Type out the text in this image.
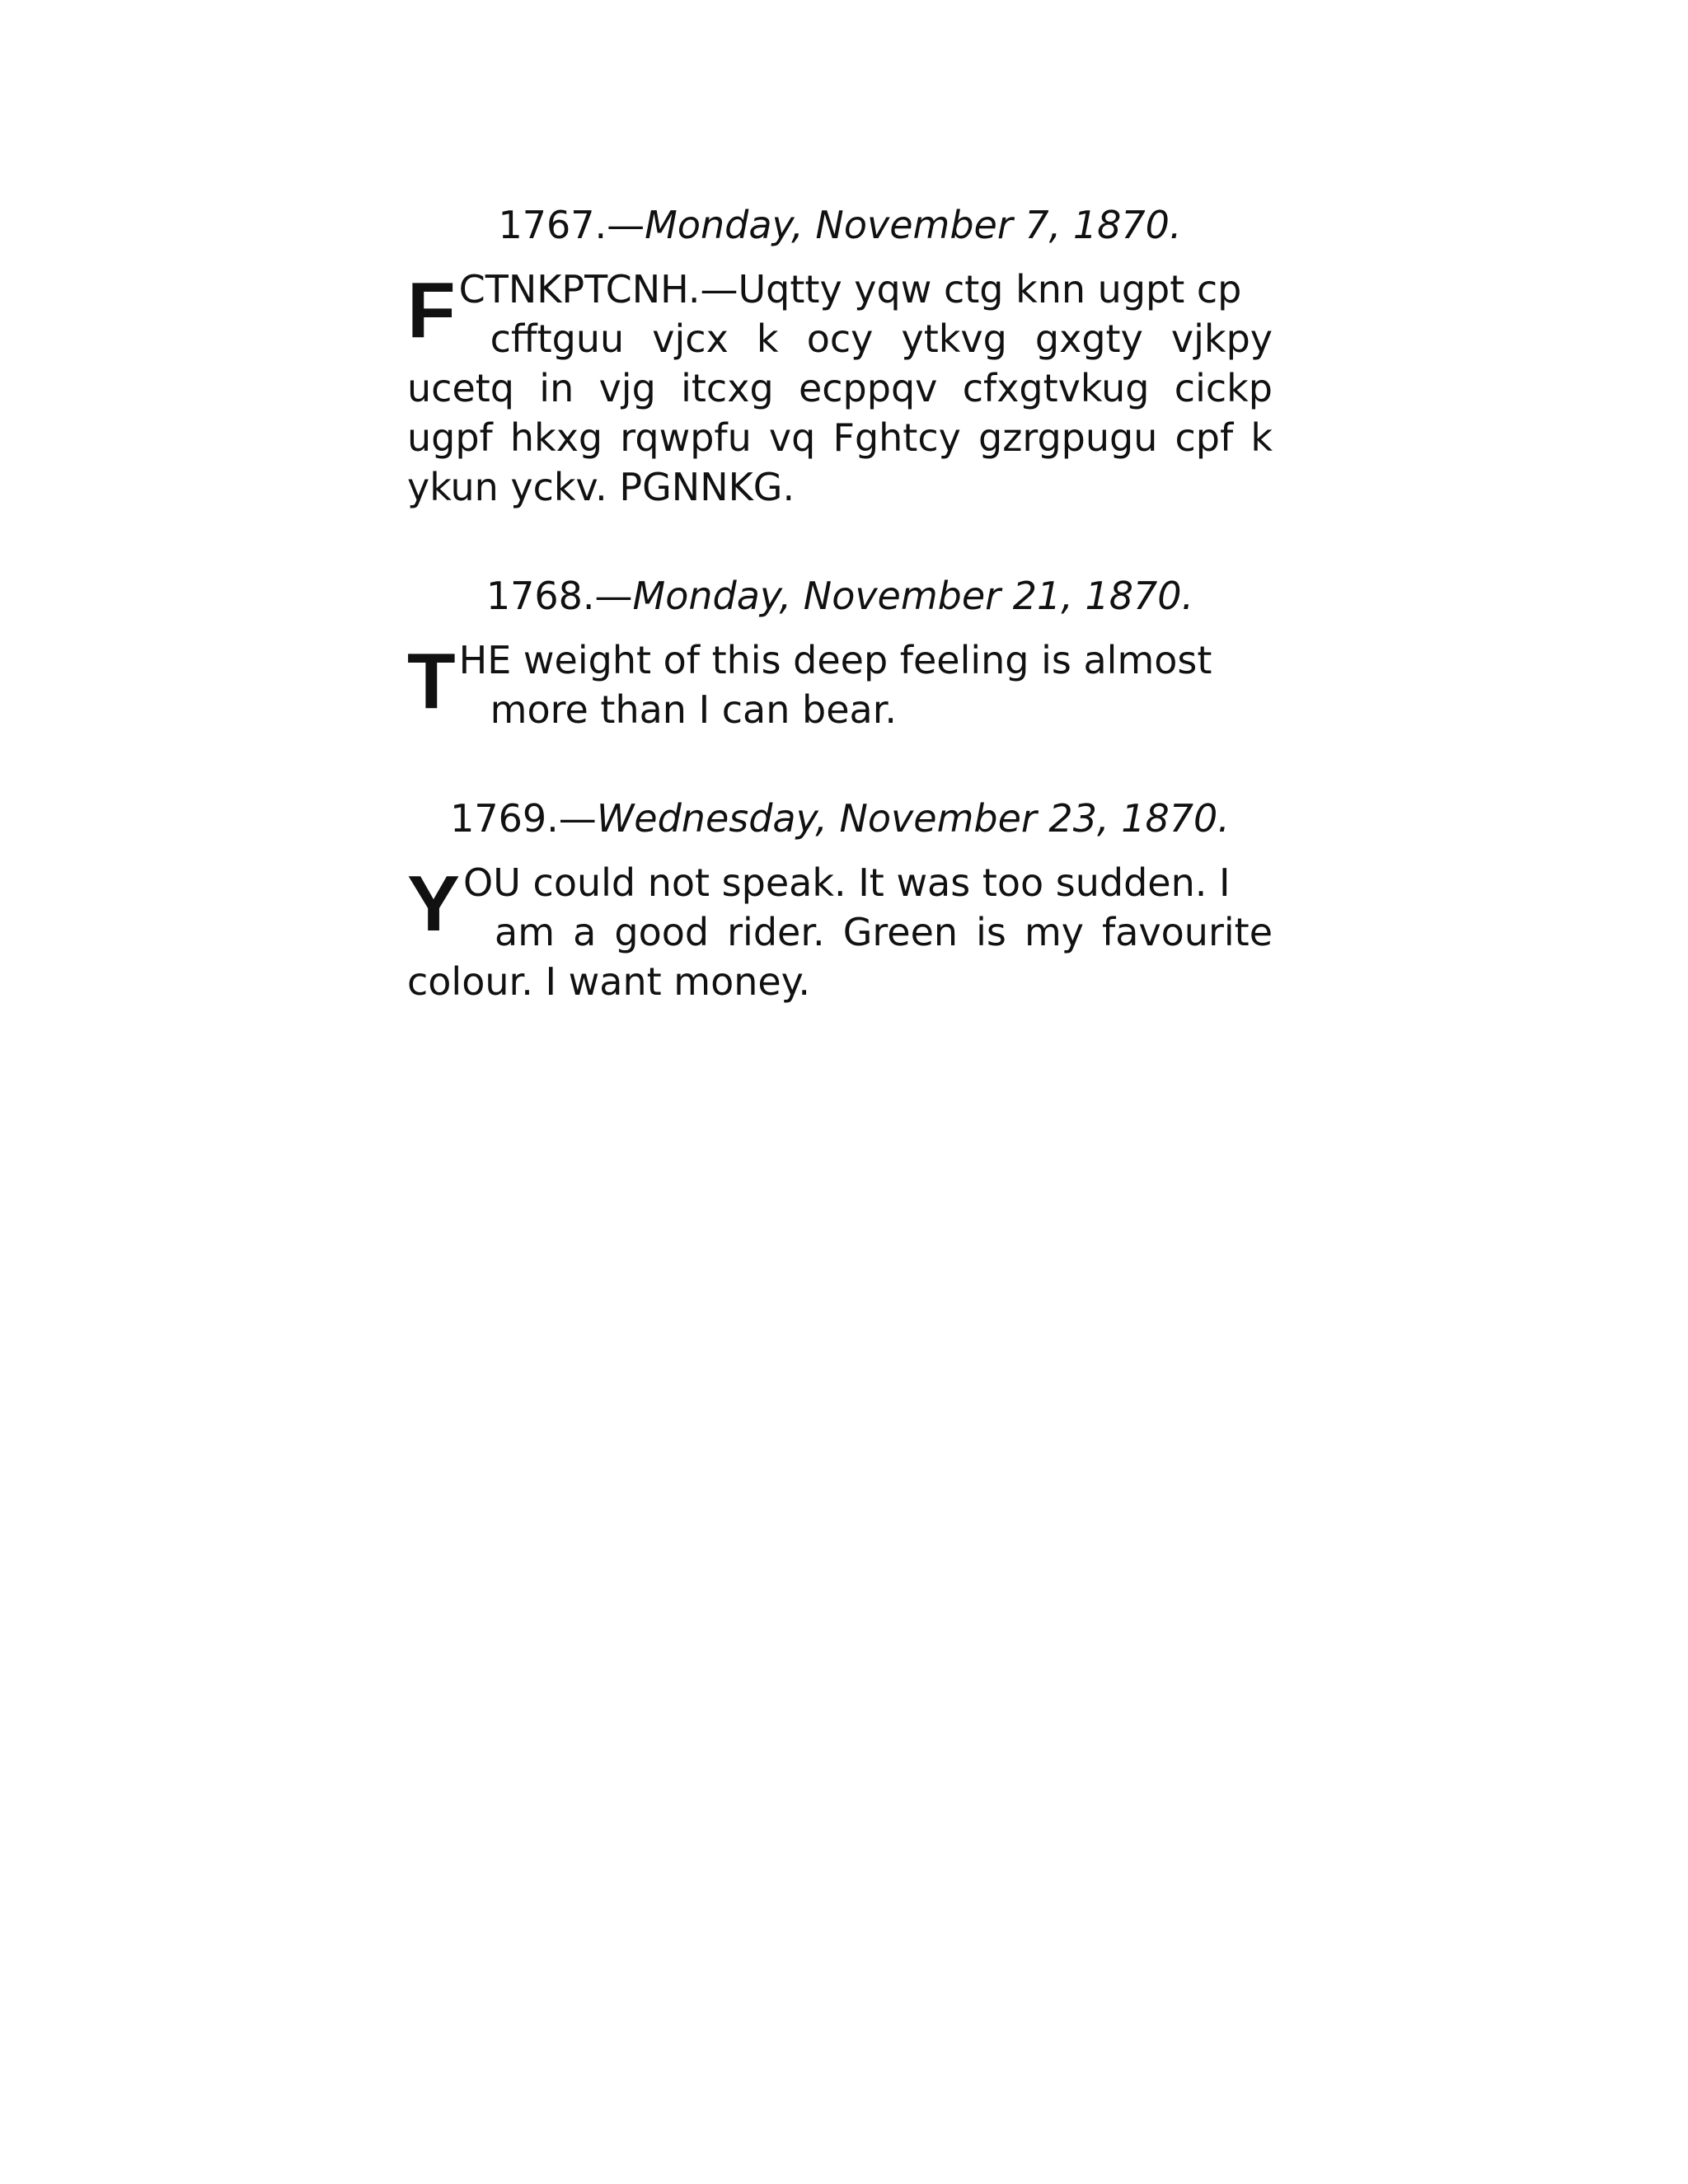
1767.—Monday, November 7, 1870.

FCTNKPTCNH.—Uqtty yqw ctg knn ugpt cp
cfftguu vjcx k ocy ytkvg gxgty vjkpy ucetq in vjg itcxg ecppqv cfxgtvkug cickp ugpf hkxg rqwpfu vq Fghtcy gzrgpugu cpf k ykun yckv. PGNNKG.

1768.—Monday, November 21, 1870.

THE weight of this deep feeling is almost
more than I can bear.

1769.—Wednesday, November 23, 1870.

YOU could not speak. It was too sudden. I
am a good rider. Green is my favourite colour. I want money.
